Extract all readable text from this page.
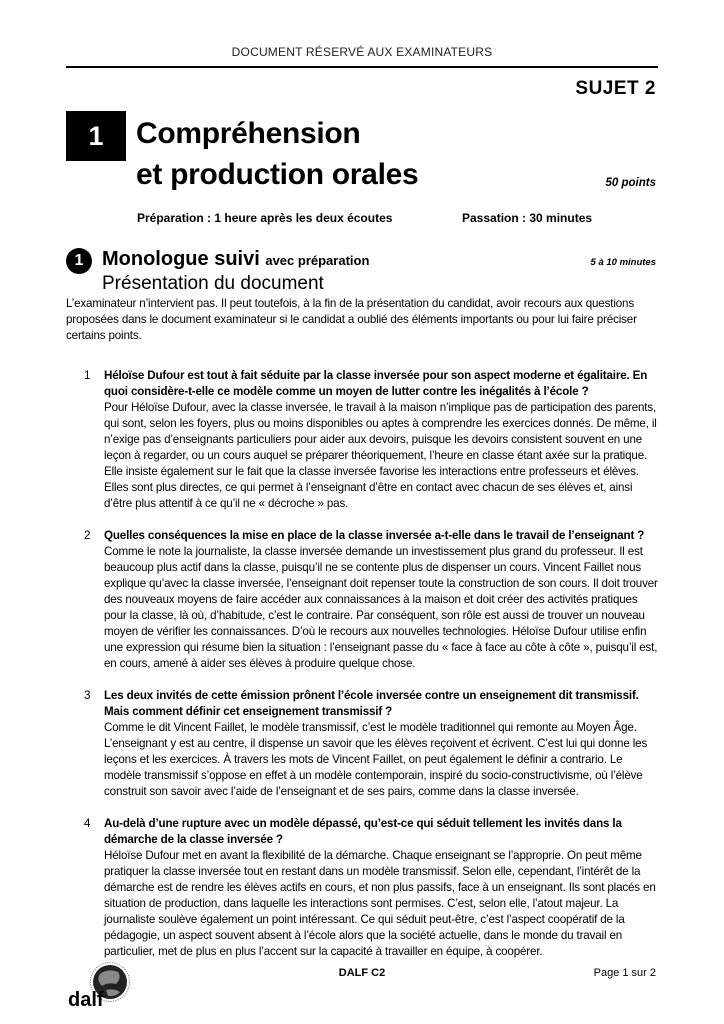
DOCUMENT RÉSERVÉ AUX EXAMINATEURS
SUJET 2
1 Compréhension
et production orales	50 points
Préparation : 1 heure après les deux écoutes	Passation : 30 minutes
1 Monologue suivi avec préparation	5 à 10 minutes
Présentation du document
L’examinateur n’intervient pas. Il peut toutefois, à la fin de la présentation du candidat, avoir recours aux questions proposées dans le document examinateur si le candidat a oublié des éléments importants ou pour lui faire préciser certains points.
1 Héloïse Dufour est tout à fait séduite par la classe inversée pour son aspect moderne et égalitaire. En quoi considère-t-elle ce modèle comme un moyen de lutter contre les inégalités à l’école ?
Pour Héloïse Dufour, avec la classe inversée, le travail à la maison n’implique pas de participation des parents, qui sont, selon les foyers, plus ou moins disponibles ou aptes à comprendre les exercices donnés. De même, il n’exige pas d’enseignants particuliers pour aider aux devoirs, puisque les devoirs consistent souvent en une leçon à regarder, ou un cours auquel se préparer théoriquement, l’heure en classe étant axée sur la pratique. Elle insiste également sur le fait que la classe inversée favorise les interactions entre professeurs et élèves. Elles sont plus directes, ce qui permet à l’enseignant d’être en contact avec chacun de ses élèves et, ainsi d’être plus attentif à ce qu’il ne « décroche » pas.
2 Quelles conséquences la mise en place de la classe inversée a-t-elle dans le travail de l’enseignant ?
Comme le note la journaliste, la classe inversée demande un investissement plus grand du professeur. Il est beaucoup plus actif dans la classe, puisqu’il ne se contente plus de dispenser un cours. Vincent Faillet nous explique qu’avec la classe inversée, l’enseignant doit repenser toute la construction de son cours. Il doit trouver des nouveaux moyens de faire accéder aux connaissances à la maison et doit créer des activités pratiques pour la classe, là où, d’habitude, c’est le contraire. Par conséquent, son rôle est aussi de trouver un nouveau moyen de vérifier les connaissances. D’où le recours aux nouvelles technologies. Héloïse Dufour utilise enfin une expression qui résume bien la situation : l’enseignant passe du « face à face au côte à côte », puisqu’il est, en cours, amené à aider ses élèves à produire quelque chose.
3 Les deux invités de cette émission prônent l’école inversée contre un enseignement dit transmissif. Mais comment définir cet enseignement transmissif ?
Comme le dit Vincent Faillet, le modèle transmissif, c’est le modèle traditionnel qui remonte au Moyen Âge. L’enseignant y est au centre, il dispense un savoir que les élèves reçoivent et écrivent. C’est lui qui donne les leçons et les exercices. À travers les mots de Vincent Faillet, on peut également le définir a contrario. Le modèle transmissif s’oppose en effet à un modèle contemporain, inspiré du socio-constructivisme, où l’élève construit son savoir avec l’aide de l’enseignant et de ses pairs, comme dans la classe inversée.
4 Au-delà d’une rupture avec un modèle dépassé, qu’est-ce qui séduit tellement les invités dans la démarche de la classe inversée ?
Héloïse Dufour met en avant la flexibilité de la démarche. Chaque enseignant se l’approprie. On peut même pratiquer la classe inversée tout en restant dans un modèle transmissif. Selon elle, cependant, l’intérêt de la démarche est de rendre les élèves actifs en cours, et non plus passifs, face à un enseignant. Ils sont placés en situation de production, dans laquelle les interactions sont permises. C’est, selon elle, l’atout majeur. La journaliste soulève également un point intéressant. Ce qui séduit peut-être, c’est l’aspect coopératif de la pédagogie, un aspect souvent absent à l’école alors que la société actuelle, dans le monde du travail en particulier, met de plus en plus l’accent sur la capacité à travailler en équipe, à coopérer.
dalf
DALF C2	Page 1 sur 2
